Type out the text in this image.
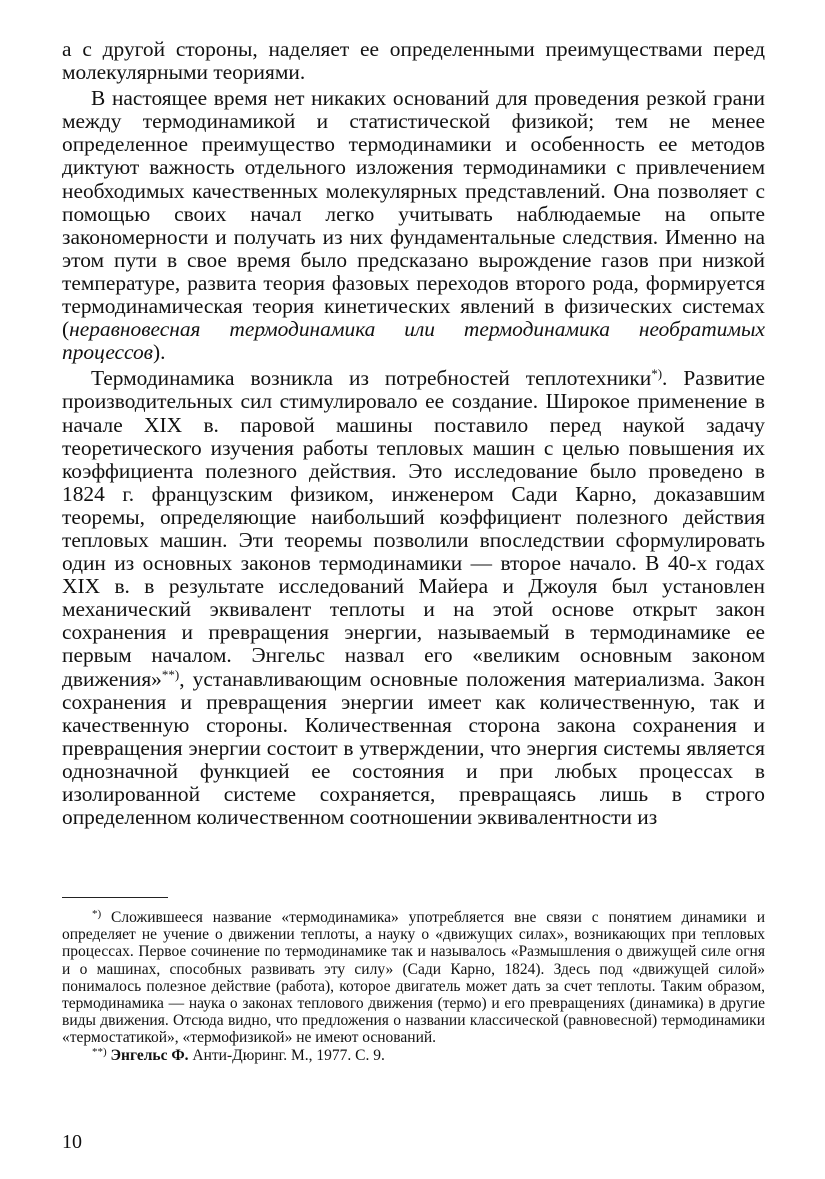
а с другой стороны, наделяет ее определенными преимуществами перед молекулярными теориями.

В настоящее время нет никаких оснований для проведения резкой грани между термодинамикой и статистической физикой; тем не менее определенное преимущество термодинамики и особенность ее методов диктуют важность отдельного изложения термодинамики с привлечением необходимых качественных молекулярных представлений. Она позволяет с помощью своих начал легко учитывать наблюдаемые на опыте закономерности и получать из них фундаментальные следствия. Именно на этом пути в свое время было предсказано вырождение газов при низкой температуре, развита теория фазовых переходов второго рода, формируется термодинамическая теория кинетических явлений в физических системах (неравновесная термодинамика или термодинамика необратимых процессов).

Термодинамика возникла из потребностей теплотехники*). Развитие производительных сил стимулировало ее создание. Широкое применение в начале XIX в. паровой машины поставило перед наукой задачу теоретического изучения работы тепловых машин с целью повышения их коэффициента полезного действия. Это исследование было проведено в 1824 г. французским физиком, инженером Сади Карно, доказавшим теоремы, определяющие наибольший коэффициент полезного действия тепловых машин. Эти теоремы позволили впоследствии сформулировать один из основных законов термодинамики — второе начало. В 40-х годах XIX в. в результате исследований Майера и Джоуля был установлен механический эквивалент теплоты и на этой основе открыт закон сохранения и превращения энергии, называемый в термодинамике ее первым началом. Энгельс назвал его «великим основным законом движения»**), устанавливающим основные положения материализма. Закон сохранения и превращения энергии имеет как количественную, так и качественную стороны. Количественная сторона закона сохранения и превращения энергии состоит в утверждении, что энергия системы является однозначной функцией ее состояния и при любых процессах в изолированной системе сохраняется, превращаясь лишь в строго определенном количественном соотношении эквивалентности из

*) Сложившееся название «термодинамика» употребляется вне связи с понятием динамики и определяет не учение о движении теплоты, а науку о «движущих силах», возникающих при тепловых процессах. Первое сочинение по термодинамике так и называлось «Размышления о движущей силе огня и о машинах, способных развивать эту силу» (Сади Карно, 1824). Здесь под «движущей силой» понималось полезное действие (работа), которое двигатель может дать за счет теплоты. Таким образом, термодинамика — наука о законах теплового движения (термо) и его превращениях (динамика) в другие виды движения. Отсюда видно, что предложения о названии классической (равновесной) термодинамики «термостатикой», «термофизикой» не имеют оснований.

**) Энгельс Ф. Анти-Дюринг. М., 1977. С. 9.

10
